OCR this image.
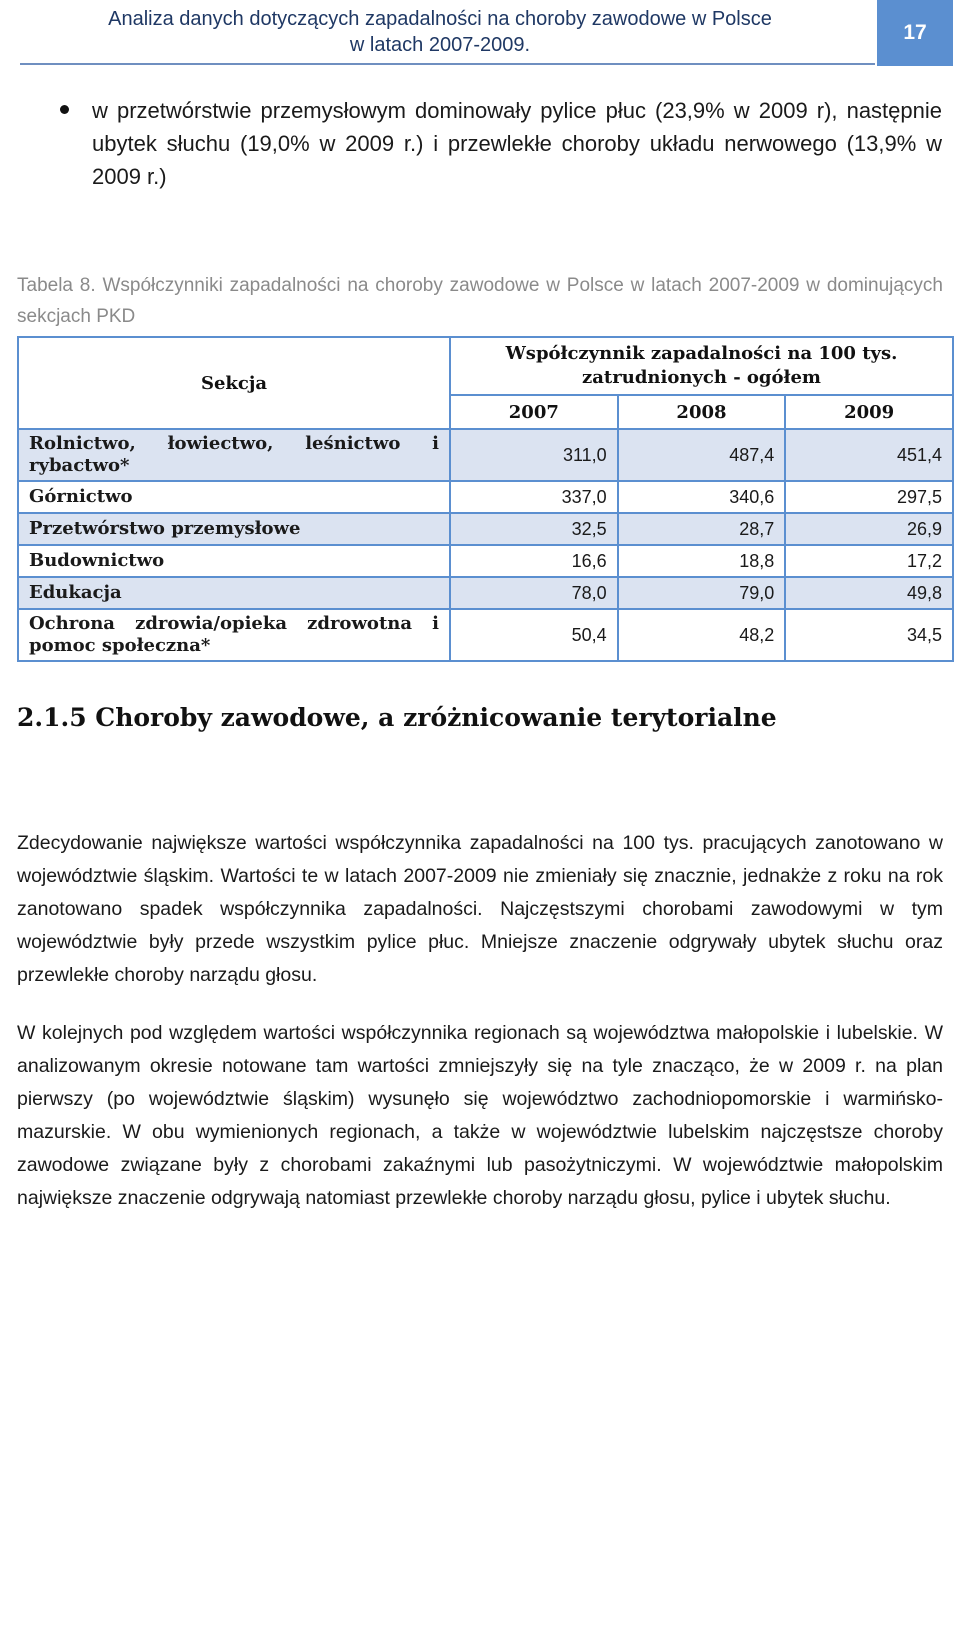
Analiza danych dotyczących zapadalności na choroby zawodowe w Polsce
w latach 2007-2009.
17
w przetwórstwie przemysłowym dominowały pylice płuc (23,9% w 2009 r), następnie ubytek słuchu (19,0% w 2009 r.) i przewlekłe choroby układu nerwowego (13,9% w 2009 r.)
Tabela 8. Współczynniki zapadalności na choroby zawodowe w Polsce w latach 2007-2009 w dominujących sekcjach PKD
Sekcja	Współczynnik zapadalności na 100 tys. zatrudnionych - ogółem		
	2007	2008	2009
Rolnictwo, łowiectwo, leśnictwo i rybactwo*	311,0	487,4	451,4
Górnictwo	337,0	340,6	297,5
Przetwórstwo przemysłowe	32,5	28,7	26,9
Budownictwo	16,6	18,8	17,2
Edukacja	78,0	79,0	49,8
Ochrona zdrowia/opieka zdrowotna i pomoc społeczna*	50,4	48,2	34,5
2.1.5 Choroby zawodowe, a zróżnicowanie terytorialne
Zdecydowanie największe wartości współczynnika zapadalności na 100 tys. pracujących zanotowano w województwie śląskim. Wartości te w latach 2007-2009 nie zmieniały się znacznie, jednakże z roku na rok zanotowano spadek współczynnika zapadalności. Najczęstszymi chorobami zawodowymi w tym województwie były przede wszystkim pylice płuc. Mniejsze znaczenie odgrywały ubytek słuchu oraz przewlekłe choroby narządu głosu.
W kolejnych pod względem wartości współczynnika regionach są województwa małopolskie i lubelskie. W analizowanym okresie notowane tam wartości zmniejszyły się na tyle znacząco, że w 2009 r. na plan pierwszy (po województwie śląskim) wysunęło się województwo zachodniopomorskie i warmińsko-mazurskie. W obu wymienionych regionach, a także w województwie lubelskim najczęstsze choroby zawodowe związane były z chorobami zakaźnymi lub pasożytniczymi. W województwie małopolskim największe znaczenie odgrywają natomiast przewlekłe choroby narządu głosu, pylice i ubytek słuchu.
